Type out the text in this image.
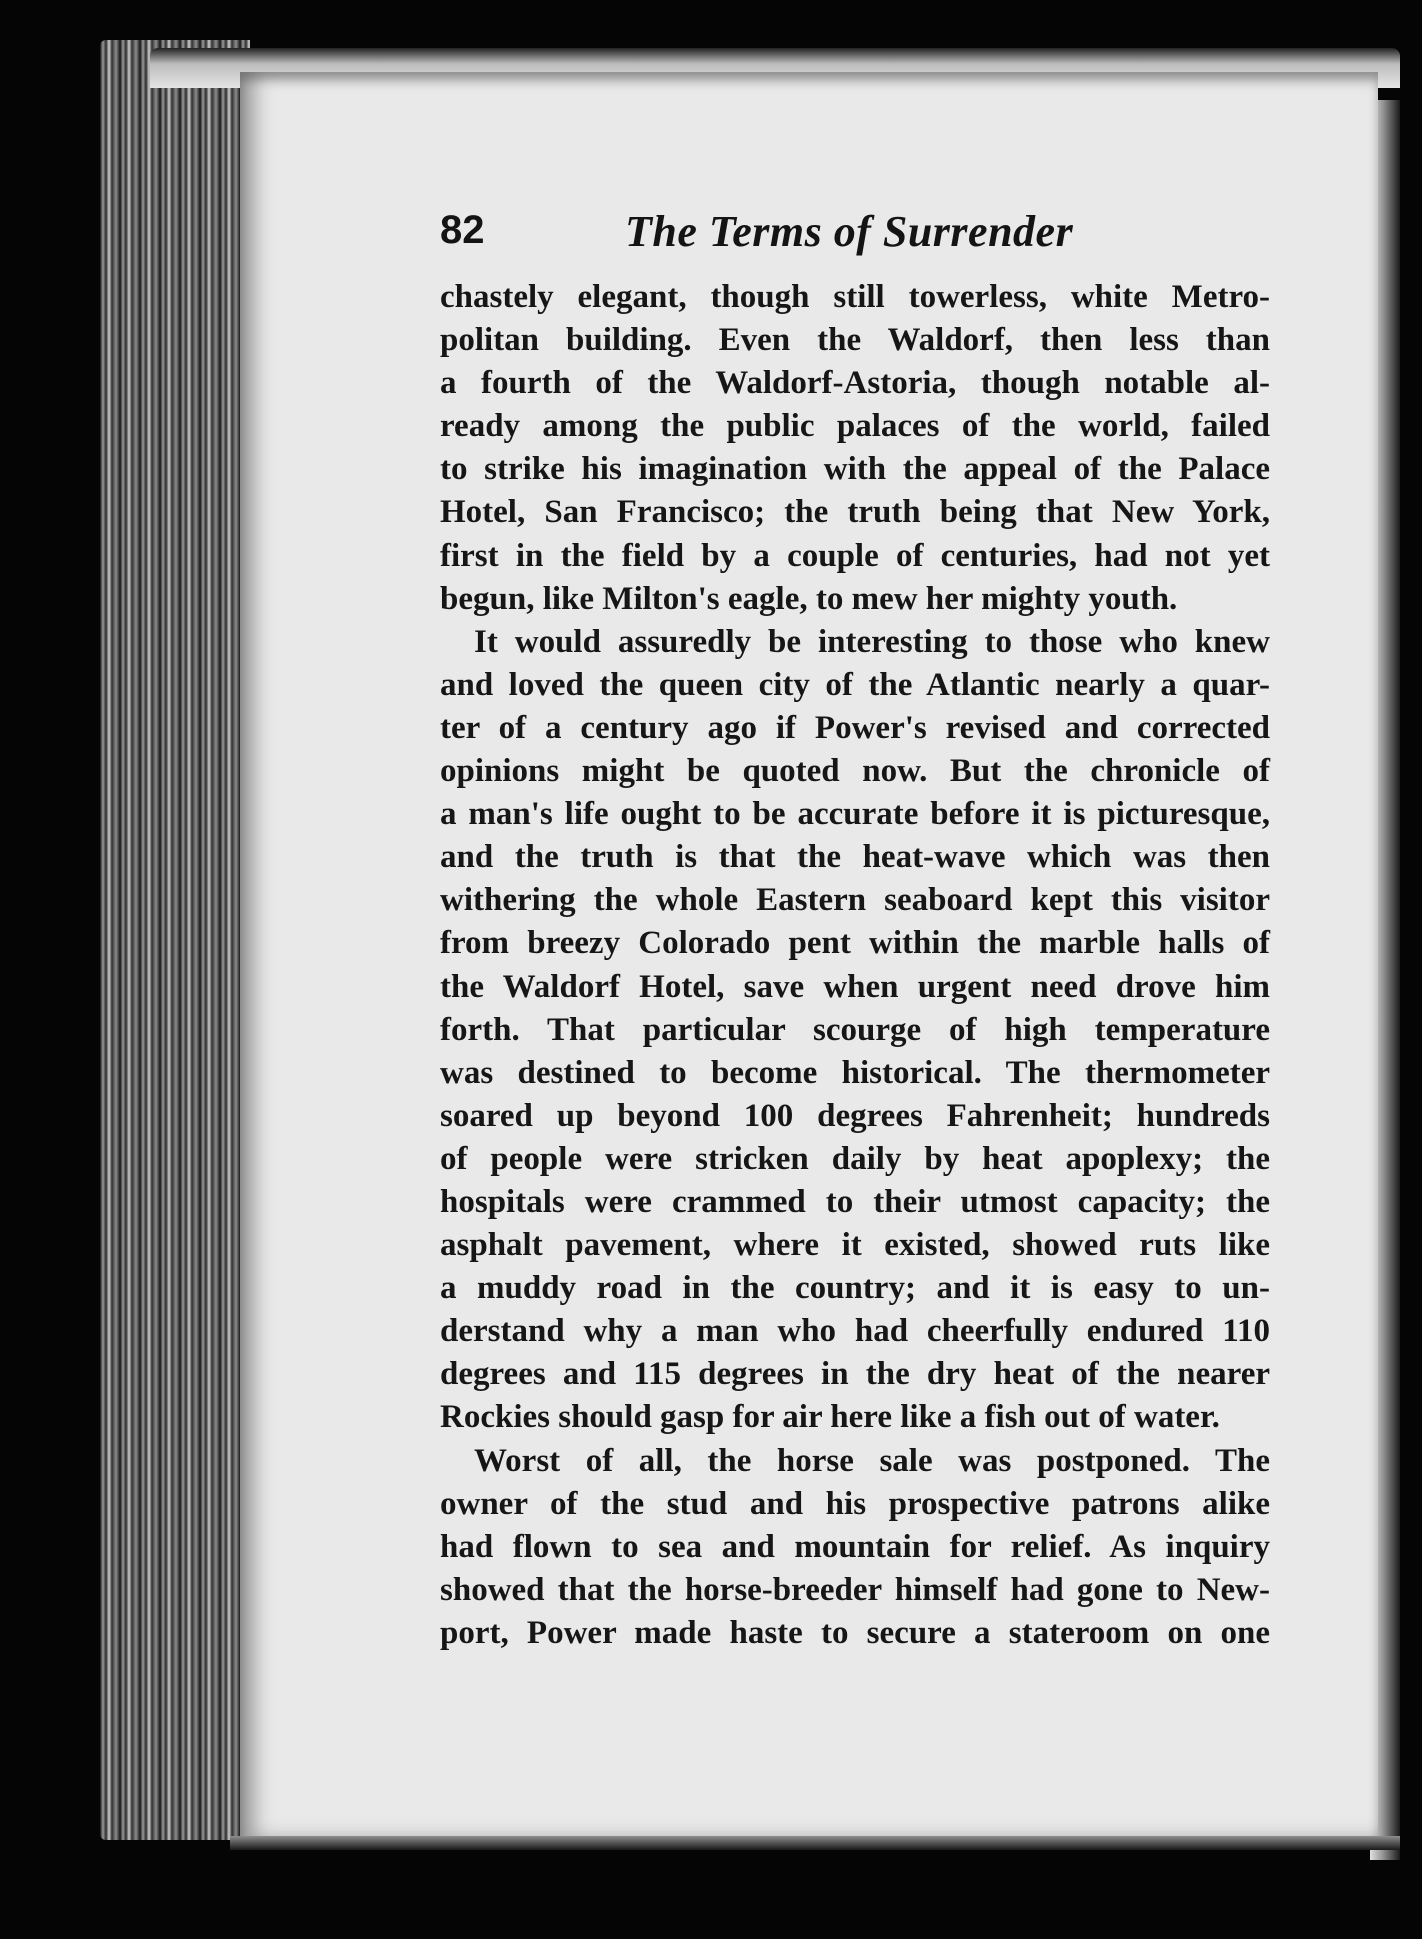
82	The Terms of Surrender
chastely elegant, though still towerless, white Metro-
politan building. Even the Waldorf, then less than
a fourth of the Waldorf-Astoria, though notable al-
ready among the public palaces of the world, failed
to strike his imagination with the appeal of the Palace
Hotel, San Francisco; the truth being that New York,
first in the field by a couple of centuries, had not yet
begun, like Milton's eagle, to mew her mighty youth.
It would assuredly be interesting to those who knew
and loved the queen city of the Atlantic nearly a quar-
ter of a century ago if Power's revised and corrected
opinions might be quoted now. But the chronicle of
a man's life ought to be accurate before it is picturesque,
and the truth is that the heat-wave which was then
withering the whole Eastern seaboard kept this visitor
from breezy Colorado pent within the marble halls of
the Waldorf Hotel, save when urgent need drove him
forth. That particular scourge of high temperature
was destined to become historical. The thermometer
soared up beyond 100 degrees Fahrenheit; hundreds
of people were stricken daily by heat apoplexy; the
hospitals were crammed to their utmost capacity; the
asphalt pavement, where it existed, showed ruts like
a muddy road in the country; and it is easy to un-
derstand why a man who had cheerfully endured 110
degrees and 115 degrees in the dry heat of the nearer
Rockies should gasp for air here like a fish out of water.
Worst of all, the horse sale was postponed. The
owner of the stud and his prospective patrons alike
had flown to sea and mountain for relief. As inquiry
showed that the horse-breeder himself had gone to New-
port, Power made haste to secure a stateroom on one
